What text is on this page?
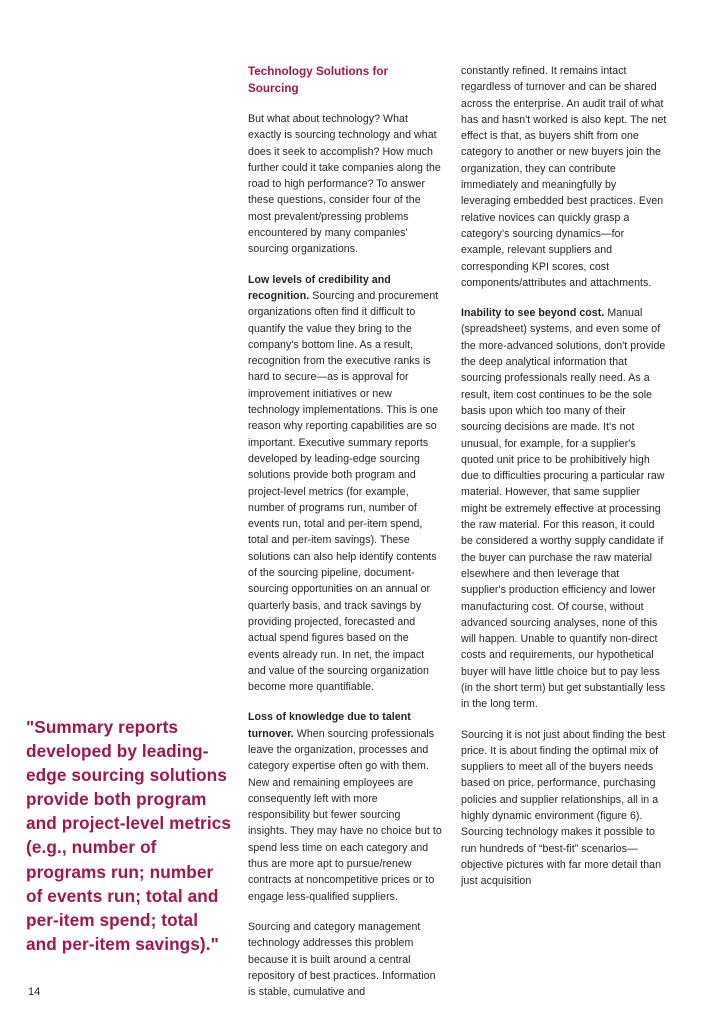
"Summary reports developed by leading-edge sourcing solutions provide both program and project-level metrics (e.g., number of programs run; number of events run; total and per-item spend; total and per-item savings)."

Technology Solutions for Sourcing

But what about technology? What exactly is sourcing technology and what does it seek to accomplish? How much further could it take companies along the road to high performance? To answer these questions, consider four of the most prevalent/pressing problems encountered by many companies' sourcing organizations.

Low levels of credibility and recognition. Sourcing and procurement organizations often find it difficult to quantify the value they bring to the company's bottom line. As a result, recognition from the executive ranks is hard to secure—as is approval for improvement initiatives or new technology implementations. This is one reason why reporting capabilities are so important. Executive summary reports developed by leading-edge sourcing solutions provide both program and project-level metrics (for example, number of programs run, number of events run, total and per-item spend, total and per-item savings). These solutions can also help identify contents of the sourcing pipeline, document-sourcing opportunities on an annual or quarterly basis, and track savings by providing projected, forecasted and actual spend figures based on the events already run. In net, the impact and value of the sourcing organization become more quantifiable.

Loss of knowledge due to talent turnover. When sourcing professionals leave the organization, processes and category expertise often go with them. New and remaining employees are consequently left with more responsibility but fewer sourcing insights. They may have no choice but to spend less time on each category and thus are more apt to pursue/renew contracts at noncompetitive prices or to engage less-qualified suppliers.

Sourcing and category management technology addresses this problem because it is built around a central repository of best practices. Information is stable, cumulative and

constantly refined. It remains intact regardless of turnover and can be shared across the enterprise. An audit trail of what has and hasn't worked is also kept. The net effect is that, as buyers shift from one category to another or new buyers join the organization, they can contribute immediately and meaningfully by leveraging embedded best practices. Even relative novices can quickly grasp a category's sourcing dynamics—for example, relevant suppliers and corresponding KPI scores, cost components/attributes and attachments.

Inability to see beyond cost. Manual (spreadsheet) systems, and even some of the more-advanced solutions, don't provide the deep analytical information that sourcing professionals really need. As a result, item cost continues to be the sole basis upon which too many of their sourcing decisions are made. It's not unusual, for example, for a supplier's quoted unit price to be prohibitively high due to difficulties procuring a particular raw material. However, that same supplier might be extremely effective at processing the raw material. For this reason, it could be considered a worthy supply candidate if the buyer can purchase the raw material elsewhere and then leverage that supplier's production efficiency and lower manufacturing cost. Of course, without advanced sourcing analyses, none of this will happen. Unable to quantify non-direct costs and requirements, our hypothetical buyer will have little choice but to pay less (in the short term) but get substantially less in the long term.

Sourcing it is not just about finding the best price. It is about finding the optimal mix of suppliers to meet all of the buyers needs based on price, performance, purchasing policies and supplier relationships, all in a highly dynamic environment (figure 6). Sourcing technology makes it possible to run hundreds of “best-fit” scenarios—objective pictures with far more detail than just acquisition

14
